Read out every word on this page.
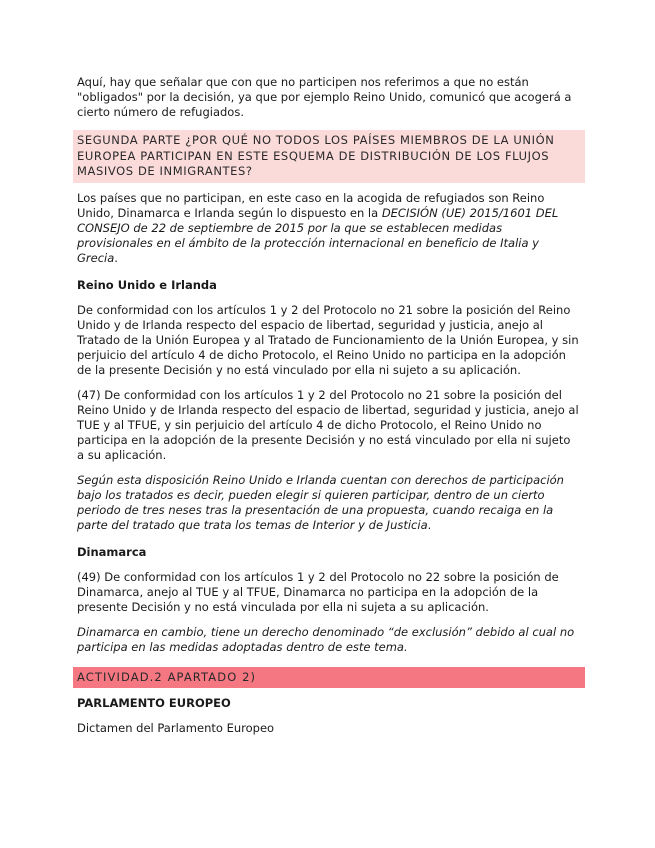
Aquí, hay que señalar que con que no participen nos referimos a que no están "obligados" por la decisión, ya que por ejemplo Reino Unido, comunicó que acogerá a cierto número de refugiados.

SEGUNDA PARTE ¿POR QUÉ NO TODOS LOS PAÍSES MIEMBROS DE LA UNIÓN EUROPEA PARTICIPAN EN ESTE ESQUEMA DE DISTRIBUCIÓN DE LOS FLUJOS MASIVOS DE INMIGRANTES?

Los países que no participan, en este caso en la acogida de refugiados son Reino Unido, Dinamarca e Irlanda según lo dispuesto en la DECISIÓN (UE) 2015/1601 DEL CONSEJO de 22 de septiembre de 2015 por la que se establecen medidas provisionales en el ámbito de la protección internacional en beneficio de Italia y Grecia.

Reino Unido e Irlanda

De conformidad con los artículos 1 y 2 del Protocolo no 21 sobre la posición del Reino Unido y de Irlanda respecto del espacio de libertad, seguridad y justicia, anejo al Tratado de la Unión Europea y al Tratado de Funcionamiento de la Unión Europea, y sin perjuicio del artículo 4 de dicho Protocolo, el Reino Unido no participa en la adopción de la presente Decisión y no está vinculado por ella ni sujeto a su aplicación.

(47) De conformidad con los artículos 1 y 2 del Protocolo no 21 sobre la posición del Reino Unido y de Irlanda respecto del espacio de libertad, seguridad y justicia, anejo al TUE y al TFUE, y sin perjuicio del artículo 4 de dicho Protocolo, el Reino Unido no participa en la adopción de la presente Decisión y no está vinculado por ella ni sujeto a su aplicación.

Según esta disposición Reino Unido e Irlanda cuentan con derechos de participación bajo los tratados es decir, pueden elegir si quieren participar, dentro de un cierto periodo de tres neses tras la presentación de una propuesta, cuando recaiga en la parte del tratado que trata los temas de Interior y de Justicia.

Dinamarca

(49) De conformidad con los artículos 1 y 2 del Protocolo no 22 sobre la posición de Dinamarca, anejo al TUE y al TFUE, Dinamarca no participa en la adopción de la presente Decisión y no está vinculada por ella ni sujeta a su aplicación.

Dinamarca en cambio, tiene un derecho denominado “de exclusión” debido al cual no participa en las medidas adoptadas dentro de este tema.

ACTIVIDAD.2 APARTADO 2)
PARLAMENTO EUROPEO

Dictamen del Parlamento Europeo
